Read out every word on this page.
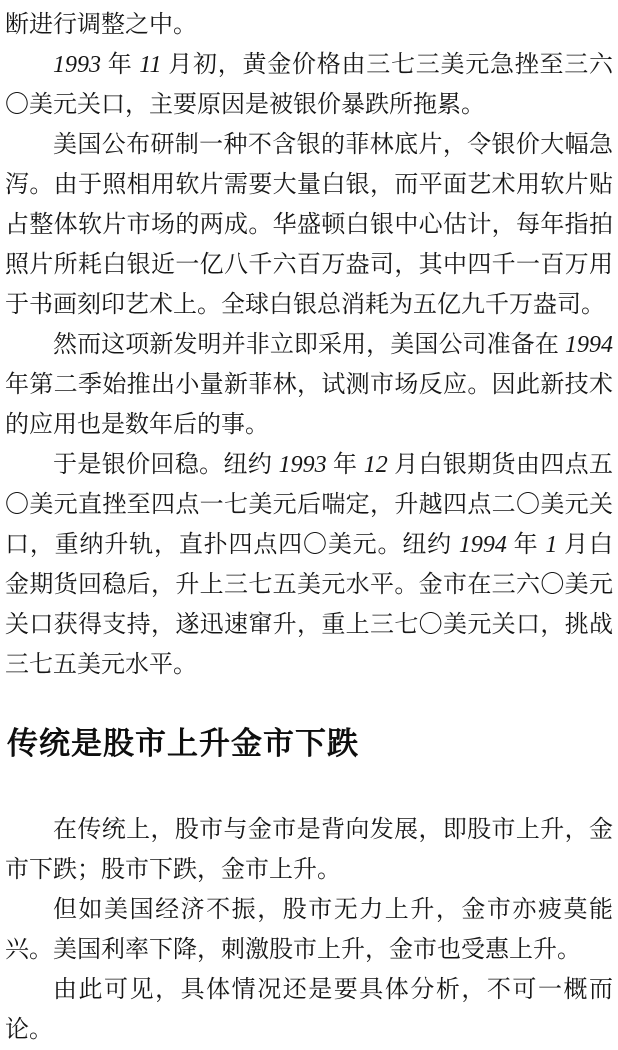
断进行调整之中。

1993 年 11 月初，黄金价格由三七三美元急挫至三六〇美元关口，主要原因是被银价暴跌所拖累。

美国公布研制一种不含银的菲林底片，令银价大幅急泻。由于照相用软片需要大量白银，而平面艺术用软片贴占整体软片市场的两成。华盛顿白银中心估计，每年指拍照片所耗白银近一亿八千六百万盎司，其中四千一百万用于书画刻印艺术上。全球白银总消耗为五亿九千万盎司。

然而这项新发明并非立即采用，美国公司准备在 1994 年第二季始推出小量新菲林，试测市场反应。因此新技术的应用也是数年后的事。

于是银价回稳。纽约 1993 年 12 月白银期货由四点五〇美元直挫至四点一七美元后喘定，升越四点二〇美元关口，重纳升轨，直扑四点四〇美元。纽约 1994 年 1 月白金期货回稳后，升上三七五美元水平。金市在三六〇美元关口获得支持，遂迅速窜升，重上三七〇美元关口，挑战三七五美元水平。

传统是股市上升金市下跌

在传统上，股市与金市是背向发展，即股市上升，金市下跌；股市下跌，金市上升。

但如美国经济不振，股市无力上升，金市亦疲莫能兴。美国利率下降，刺激股市上升，金市也受惠上升。

由此可见，具体情况还是要具体分析，不可一概而论。
